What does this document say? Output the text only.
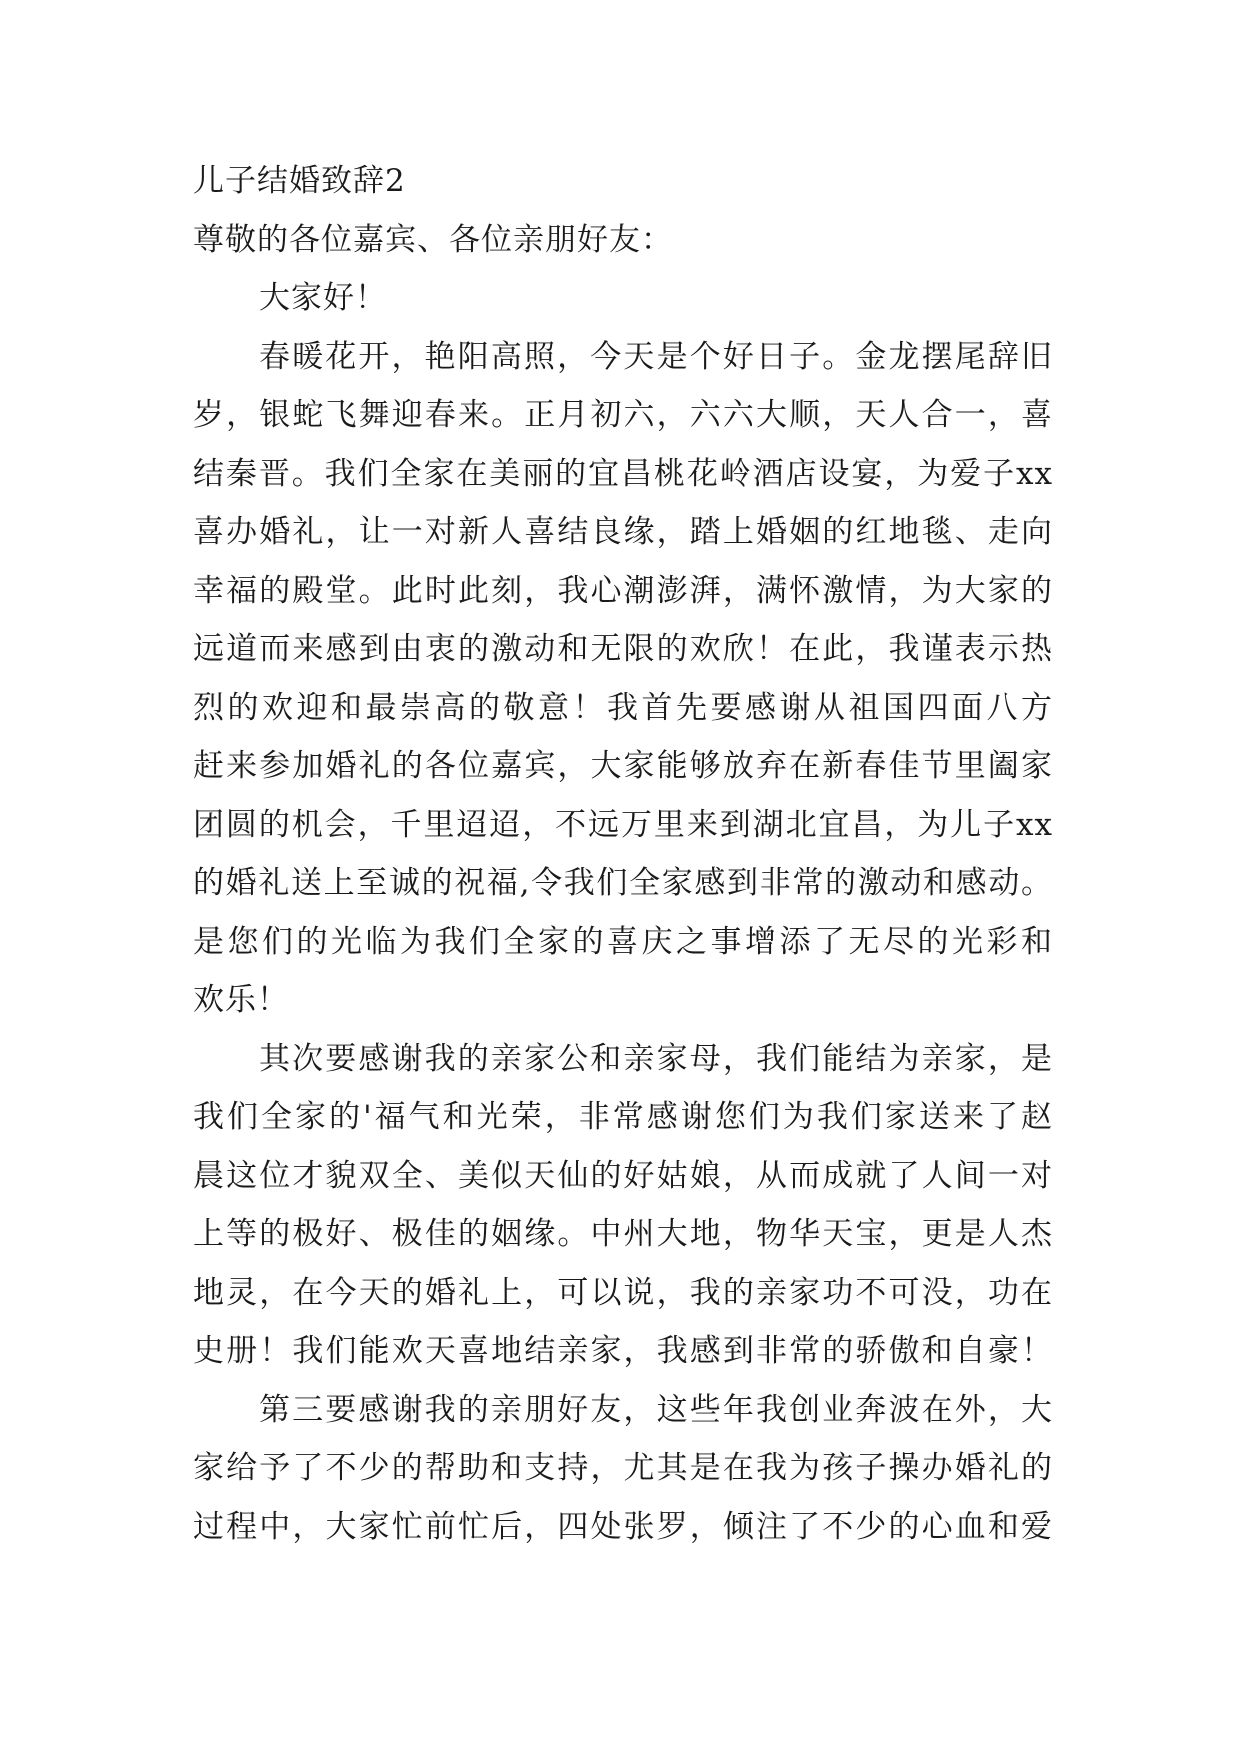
儿子结婚致辞2
尊敬的各位嘉宾、各位亲朋好友：
大家好！
春暖花开，艳阳高照，今天是个好日子。金龙摆尾辞旧
岁，银蛇飞舞迎春来。正月初六，六六大顺，天人合一，喜
结秦晋。我们全家在美丽的宜昌桃花岭酒店设宴，为爱子xx
喜办婚礼，让一对新人喜结良缘，踏上婚姻的红地毯、走向
幸福的殿堂。此时此刻，我心潮澎湃，满怀激情，为大家的
远道而来感到由衷的激动和无限的欢欣！在此，我谨表示热
烈的欢迎和最崇高的敬意！我首先要感谢从祖国四面八方
赶来参加婚礼的各位嘉宾，大家能够放弃在新春佳节里阖家
团圆的机会，千里迢迢，不远万里来到湖北宜昌，为儿子xx
的婚礼送上至诚的祝福,令我们全家感到非常的激动和感动。
是您们的光临为我们全家的喜庆之事增添了无尽的光彩和
欢乐！
其次要感谢我的亲家公和亲家母，我们能结为亲家，是
我们全家的'福气和光荣，非常感谢您们为我们家送来了赵
晨这位才貌双全、美似天仙的好姑娘，从而成就了人间一对
上等的极好、极佳的姻缘。中州大地，物华天宝，更是人杰
地灵，在今天的婚礼上，可以说，我的亲家功不可没，功在
史册！我们能欢天喜地结亲家，我感到非常的骄傲和自豪！
第三要感谢我的亲朋好友，这些年我创业奔波在外，大
家给予了不少的帮助和支持，尤其是在我为孩子操办婚礼的
过程中，大家忙前忙后，四处张罗，倾注了不少的心血和爱
